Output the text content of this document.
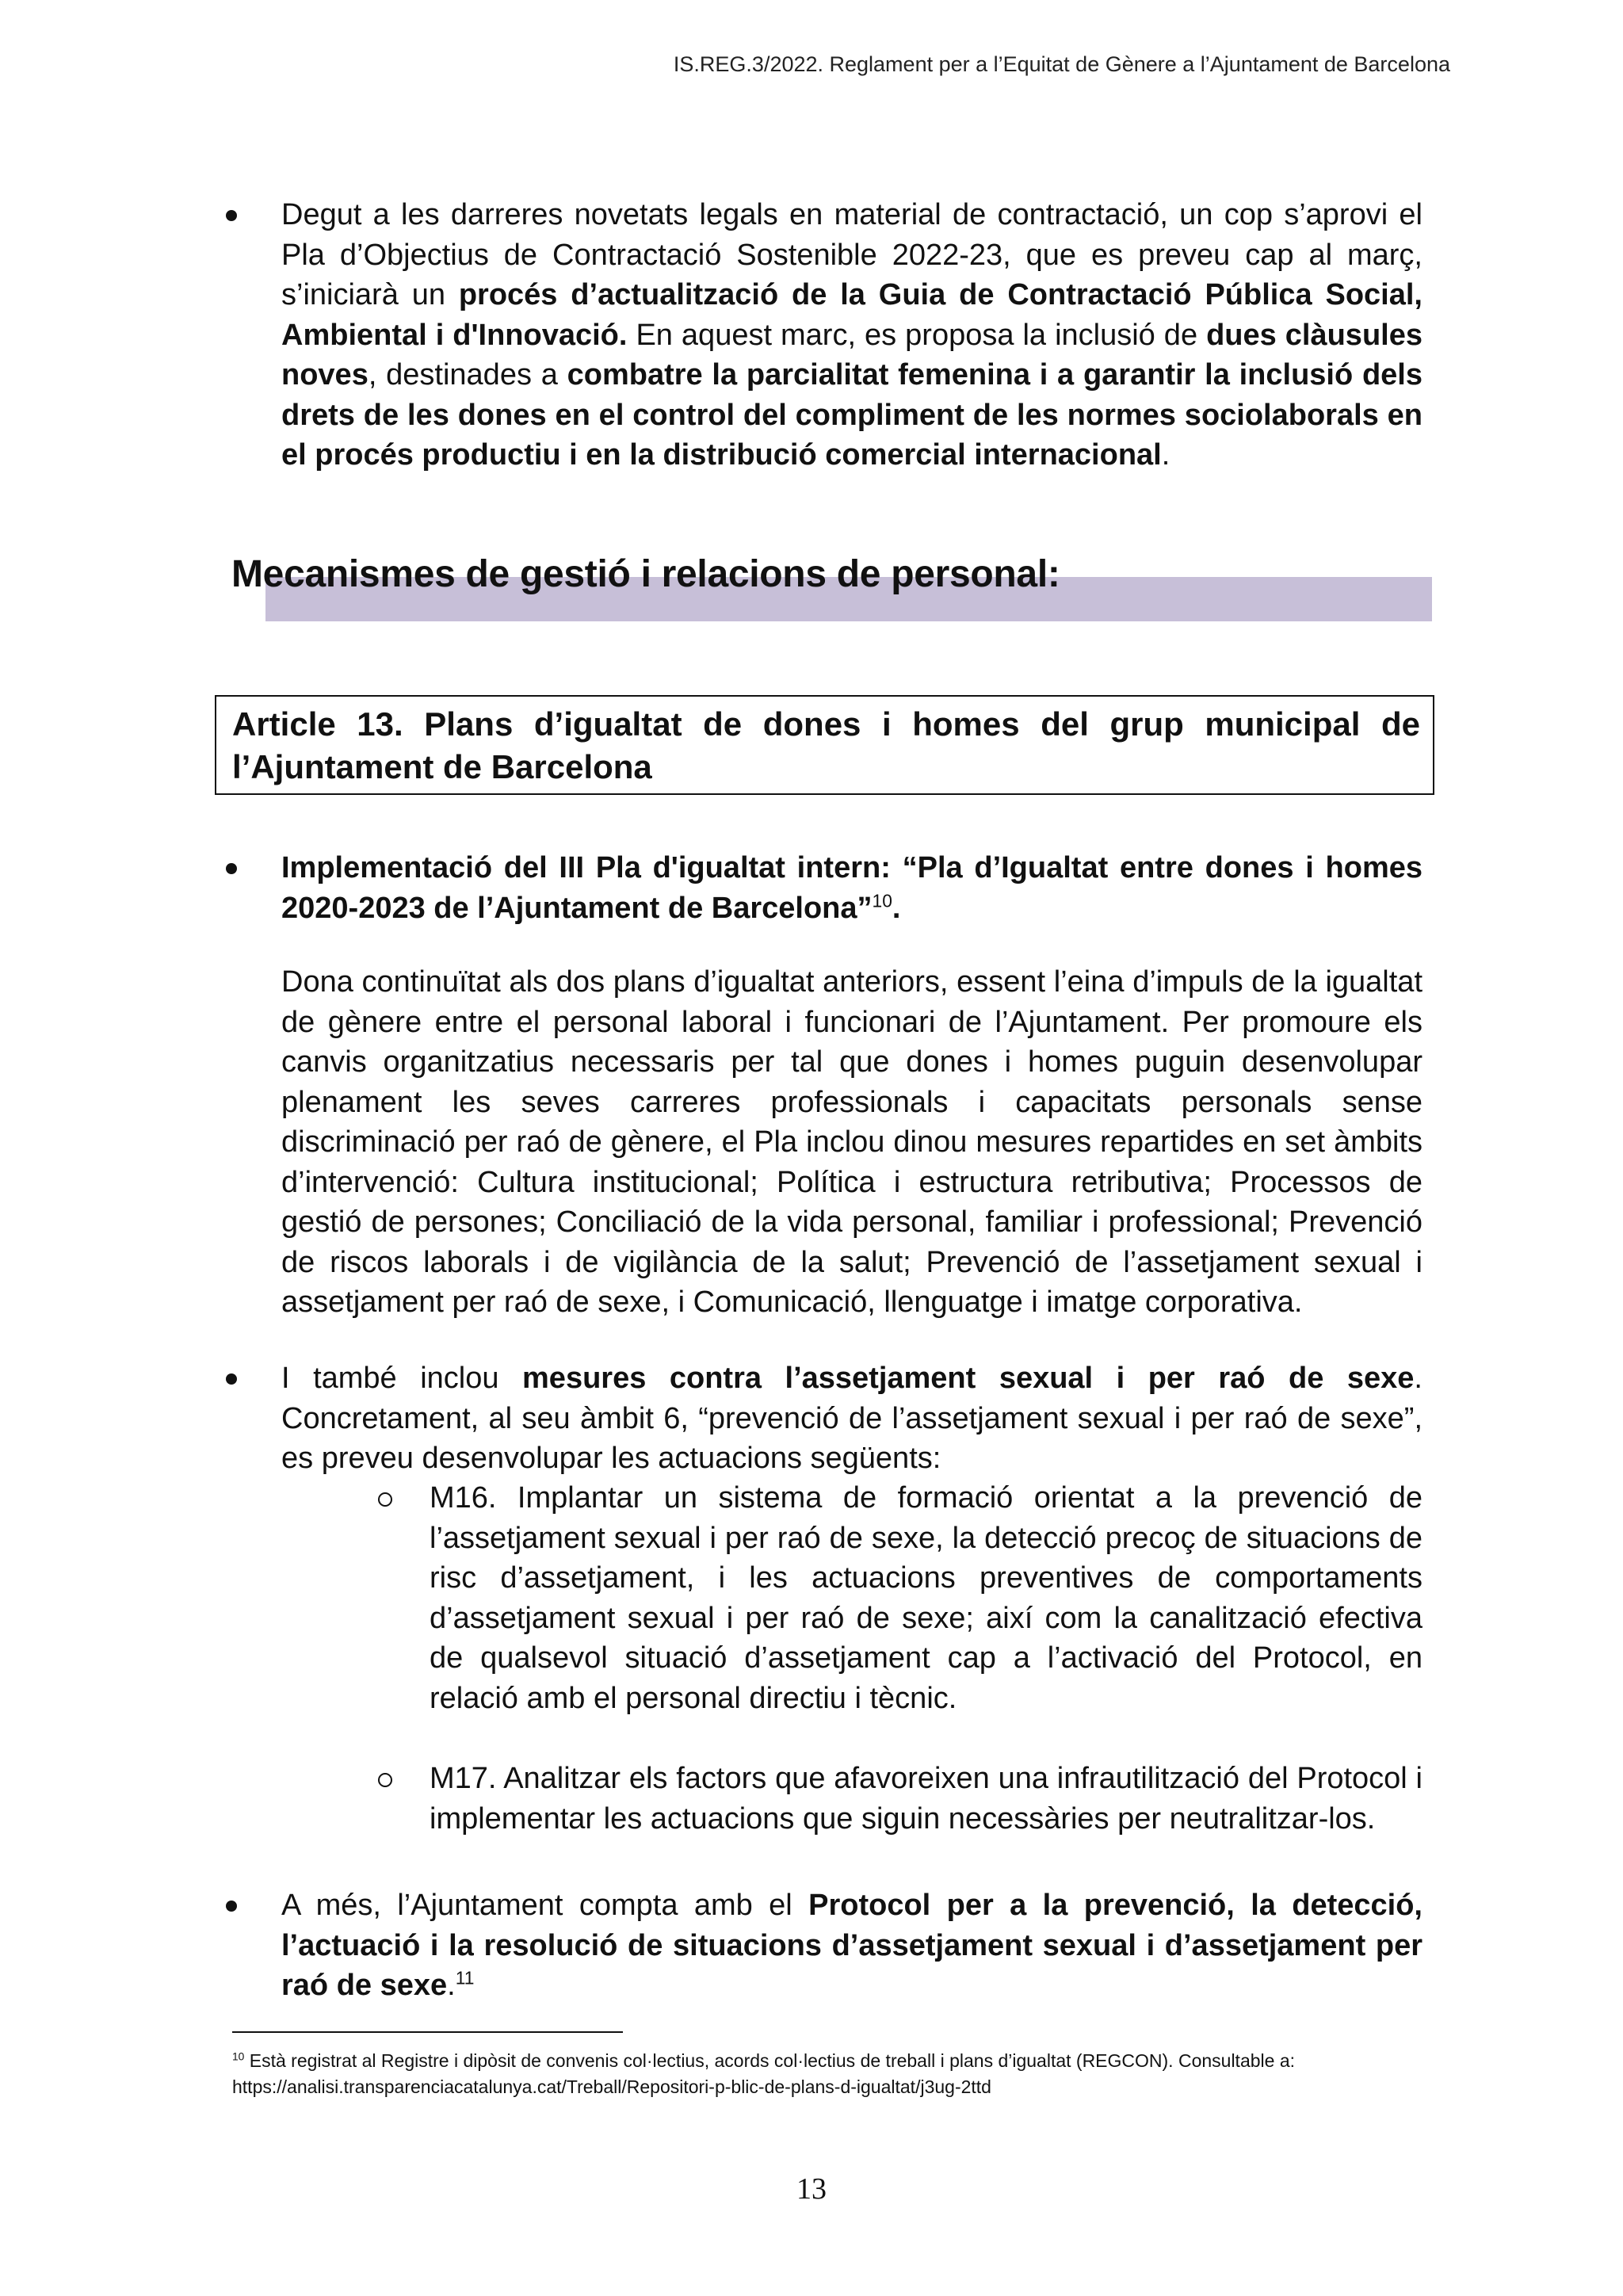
IS.REG.3/2022. Reglament per a l’Equitat de Gènere a l’Ajuntament de Barcelona
Degut a les darreres novetats legals en material de contractació, un cop s’aprovi el Pla d’Objectius de Contractació Sostenible 2022-23, que es preveu cap al març, s’iniciarà un procés d’actualització de la Guia de Contractació Pública Social, Ambiental i d'Innovació. En aquest marc, es proposa la inclusió de dues clàusules noves, destinades a combatre la parcialitat femenina i a garantir la inclusió dels drets de les dones en el control del compliment de les normes sociolaborals en el procés productiu i en la distribució comercial internacional.
Mecanismes de gestió i relacions de personal:
Article 13. Plans d’igualtat de dones i homes del grup municipal de l’Ajuntament de Barcelona
Implementació del III Pla d'igualtat intern: “Pla d’Igualtat entre dones i homes 2020-2023 de l’Ajuntament de Barcelona”$^{10}$.
Dona continuïtat als dos plans d’igualtat anteriors, essent l’eina d’impuls de la igualtat de gènere entre el personal laboral i funcionari de l’Ajuntament. Per promoure els canvis organitzatius necessaris per tal que dones i homes puguin desenvolupar plenament les seves carreres professionals i capacitats personals sense discriminació per raó de gènere, el Pla inclou dinou mesures repartides en set àmbits d’intervenció: Cultura institucional; Política i estructura retributiva; Processos de gestió de persones; Conciliació de la vida personal, familiar i professional; Prevenció de riscos laborals i de vigilància de la salut; Prevenció de l’assetjament sexual i assetjament per raó de sexe, i Comunicació, llenguatge i imatge corporativa.
I també inclou mesures contra l’assetjament sexual i per raó de sexe. Concretament, al seu àmbit 6, “prevenció de l’assetjament sexual i per raó de sexe”, es preveu desenvolupar les actuacions següents:
M16. Implantar un sistema de formació orientat a la prevenció de l’assetjament sexual i per raó de sexe, la detecció precoç de situacions de risc d’assetjament, i les actuacions preventives de comportaments d’assetjament sexual i per raó de sexe; així com la canalització efectiva de qualsevol situació d’assetjament cap a l’activació del Protocol, en relació amb el personal directiu i tècnic.
M17. Analitzar els factors que afavoreixen una infrautilització del Protocol i implementar les actuacions que siguin necessàries per neutralitzar-los.
A més, l’Ajuntament compta amb el Protocol per a la prevenció, la detecció, l’actuació i la resolució de situacions d’assetjament sexual i d’assetjament per raó de sexe.$^{11}$
$^{10}$ Està registrat al Registre i dipòsit de convenis col·lectius, acords col·lectius de treball i plans d’igualtat (REGCON). Consultable a:
https://analisi.transparenciacatalunya.cat/Treball/Repositori-p-blic-de-plans-d-igualtat/j3ug-2ttd
13
